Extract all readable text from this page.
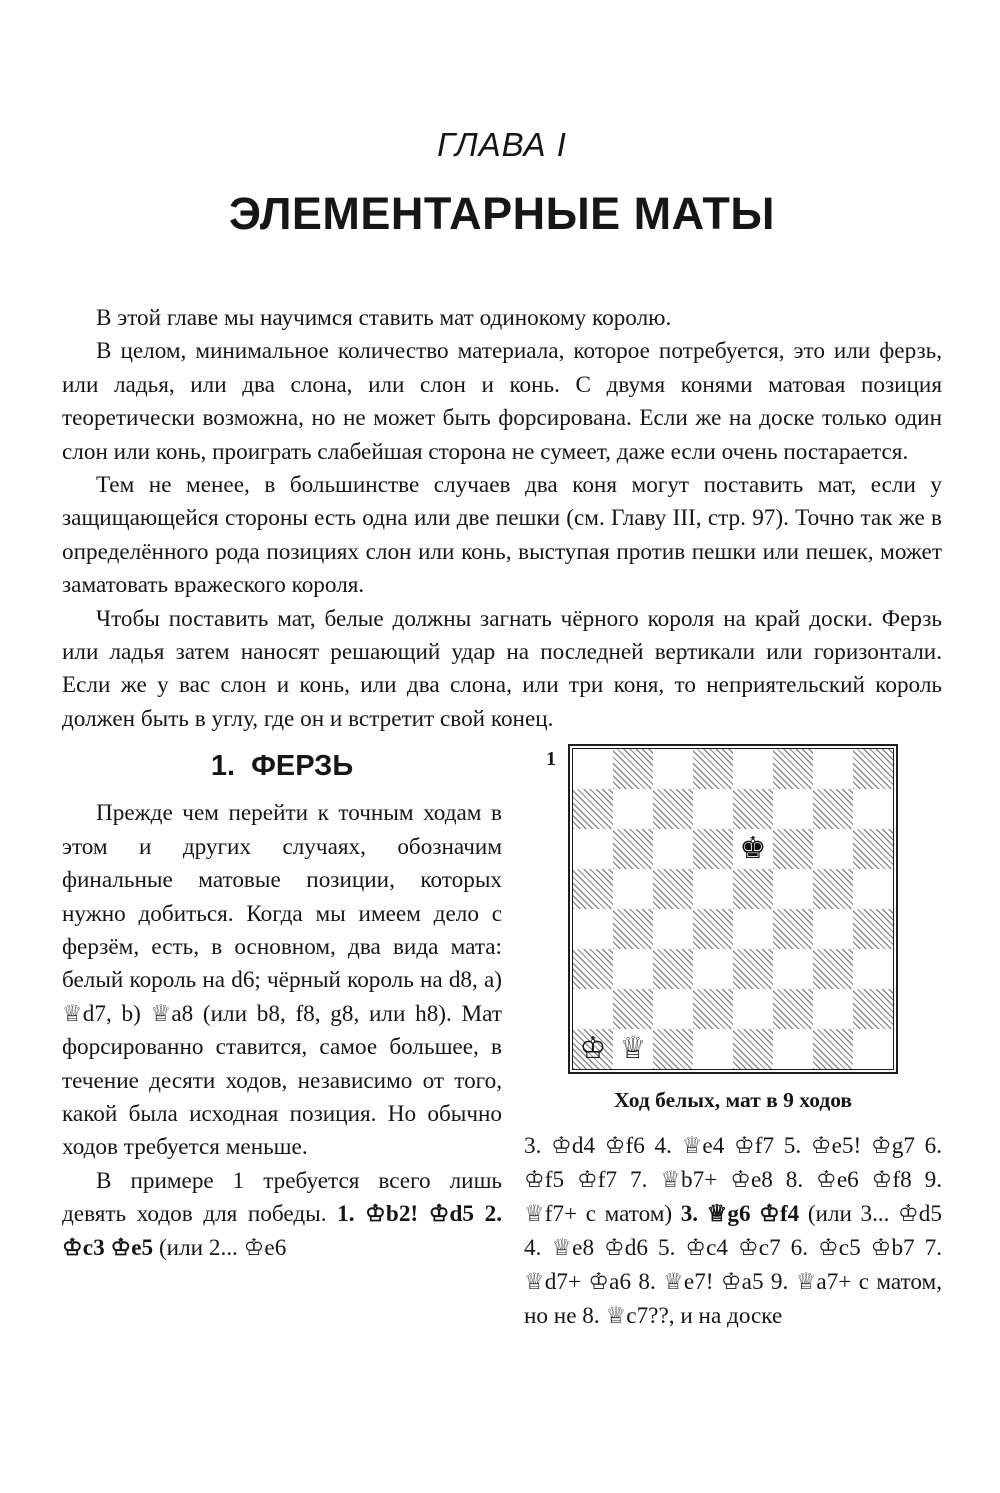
ГЛАВА I
ЭЛЕМЕНТАРНЫЕ МАТЫ

В этой главе мы научимся ставить мат одинокому королю.

В целом, минимальное количество материала, которое потребуется, это или ферзь, или ладья, или два слона, или слон и конь. С двумя конями матовая позиция теоретически возможна, но не может быть форсирована. Если же на доске только один слон или конь, проиграть слабейшая сторона не сумеет, даже если очень постарается.

Тем не менее, в большинстве случаев два коня могут поставить мат, если у защищающейся стороны есть одна или две пешки (см. Главу III, стр. 97). Точно так же в определённого рода позициях слон или конь, выступая против пешки или пешек, может заматовать вражеского короля.

Чтобы поставить мат, белые должны загнать чёрного короля на край доски. Ферзь или ладья затем наносят решающий удар на последней вертикали или горизонтали. Если же у вас слон и конь, или два слона, или три коня, то неприятельский король должен быть в углу, где он и встретит свой конец.

1.  ФЕРЗЬ

Прежде чем перейти к точным ходам в этом и других случаях, обозначим финальные матовые позиции, которых нужно добиться. Когда мы имеем дело с ферзём, есть, в основном, два вида мата: белый король на d6; чёрный король на d8, а) ♕d7, b) ♕a8 (или b8, f8, g8, или h8). Мат форсированно ставится, самое большее, в течение десяти ходов, независимо от того, какой была исходная позиция. Но обычно ходов требуется меньше.

В примере 1 требуется всего лишь девять ходов для победы. 1. ♔b2! ♔d5 2. ♔c3 ♔e5 (или 2... ♔e6

1
♚
♔ ♕
Ход белых, мат в 9 ходов

3. ♔d4 ♔f6 4. ♕e4 ♔f7 5. ♔e5! ♔g7 6. ♔f5 ♔f7 7. ♕b7+ ♔e8 8. ♔e6 ♔f8 9. ♕f7+ с матом) 3. ♕g6 ♔f4 (или 3... ♔d5 4. ♕e8 ♔d6 5. ♔c4 ♔c7 6. ♔c5 ♔b7 7. ♕d7+ ♔a6 8. ♕e7! ♔a5 9. ♕a7+ с матом, но не 8. ♕c7??, и на доске
